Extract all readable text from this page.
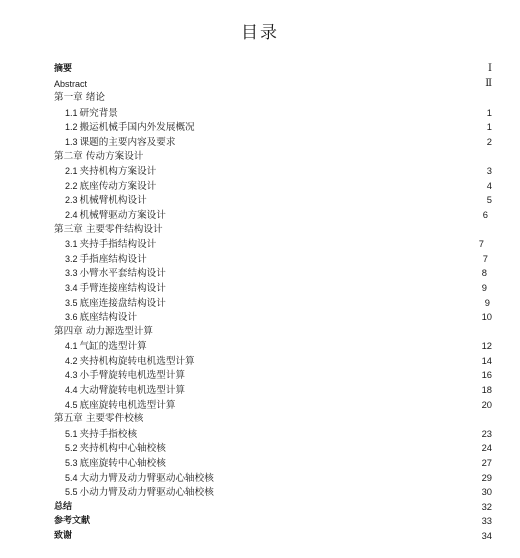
目录
摘要	Ⅰ
Abstract	Ⅱ
第一章 绪论
1.1 研究背景	1
1.2 搬运机械手国内外发展概况	1
1.3 课题的主要内容及要求	2
第二章 传动方案设计
2.1 夹持机构方案设计	3
2.2 底座传动方案设计	4
2.3 机械臂机构设计	5
2.4 机械臂驱动方案设计	6
第三章 主要零件结构设计
3.1 夹持手指结构设计	7
3.2 手指座结构设计	7
3.3 小臂水平套结构设计	8
3.4 手臂连接座结构设计	9
3.5 底座连接盘结构设计	9
3.6 底座结构设计	10
第四章 动力源选型计算
4.1 气缸的选型计算	12
4.2 夹持机构旋转电机选型计算	14
4.3 小手臂旋转电机选型计算	16
4.4 大动臂旋转电机选型计算	18
4.5 底座旋转电机选型计算	20
第五章 主要零件校核
5.1 夹持手指校核	23
5.2 夹持机构中心轴校核	24
5.3 底座旋转中心轴校核	27
5.4 大动力臂及动力臂驱动心轴校核	29
5.5 小动力臂及动力臂驱动心轴校核	30
总结	32
参考文献	33
致谢	34
